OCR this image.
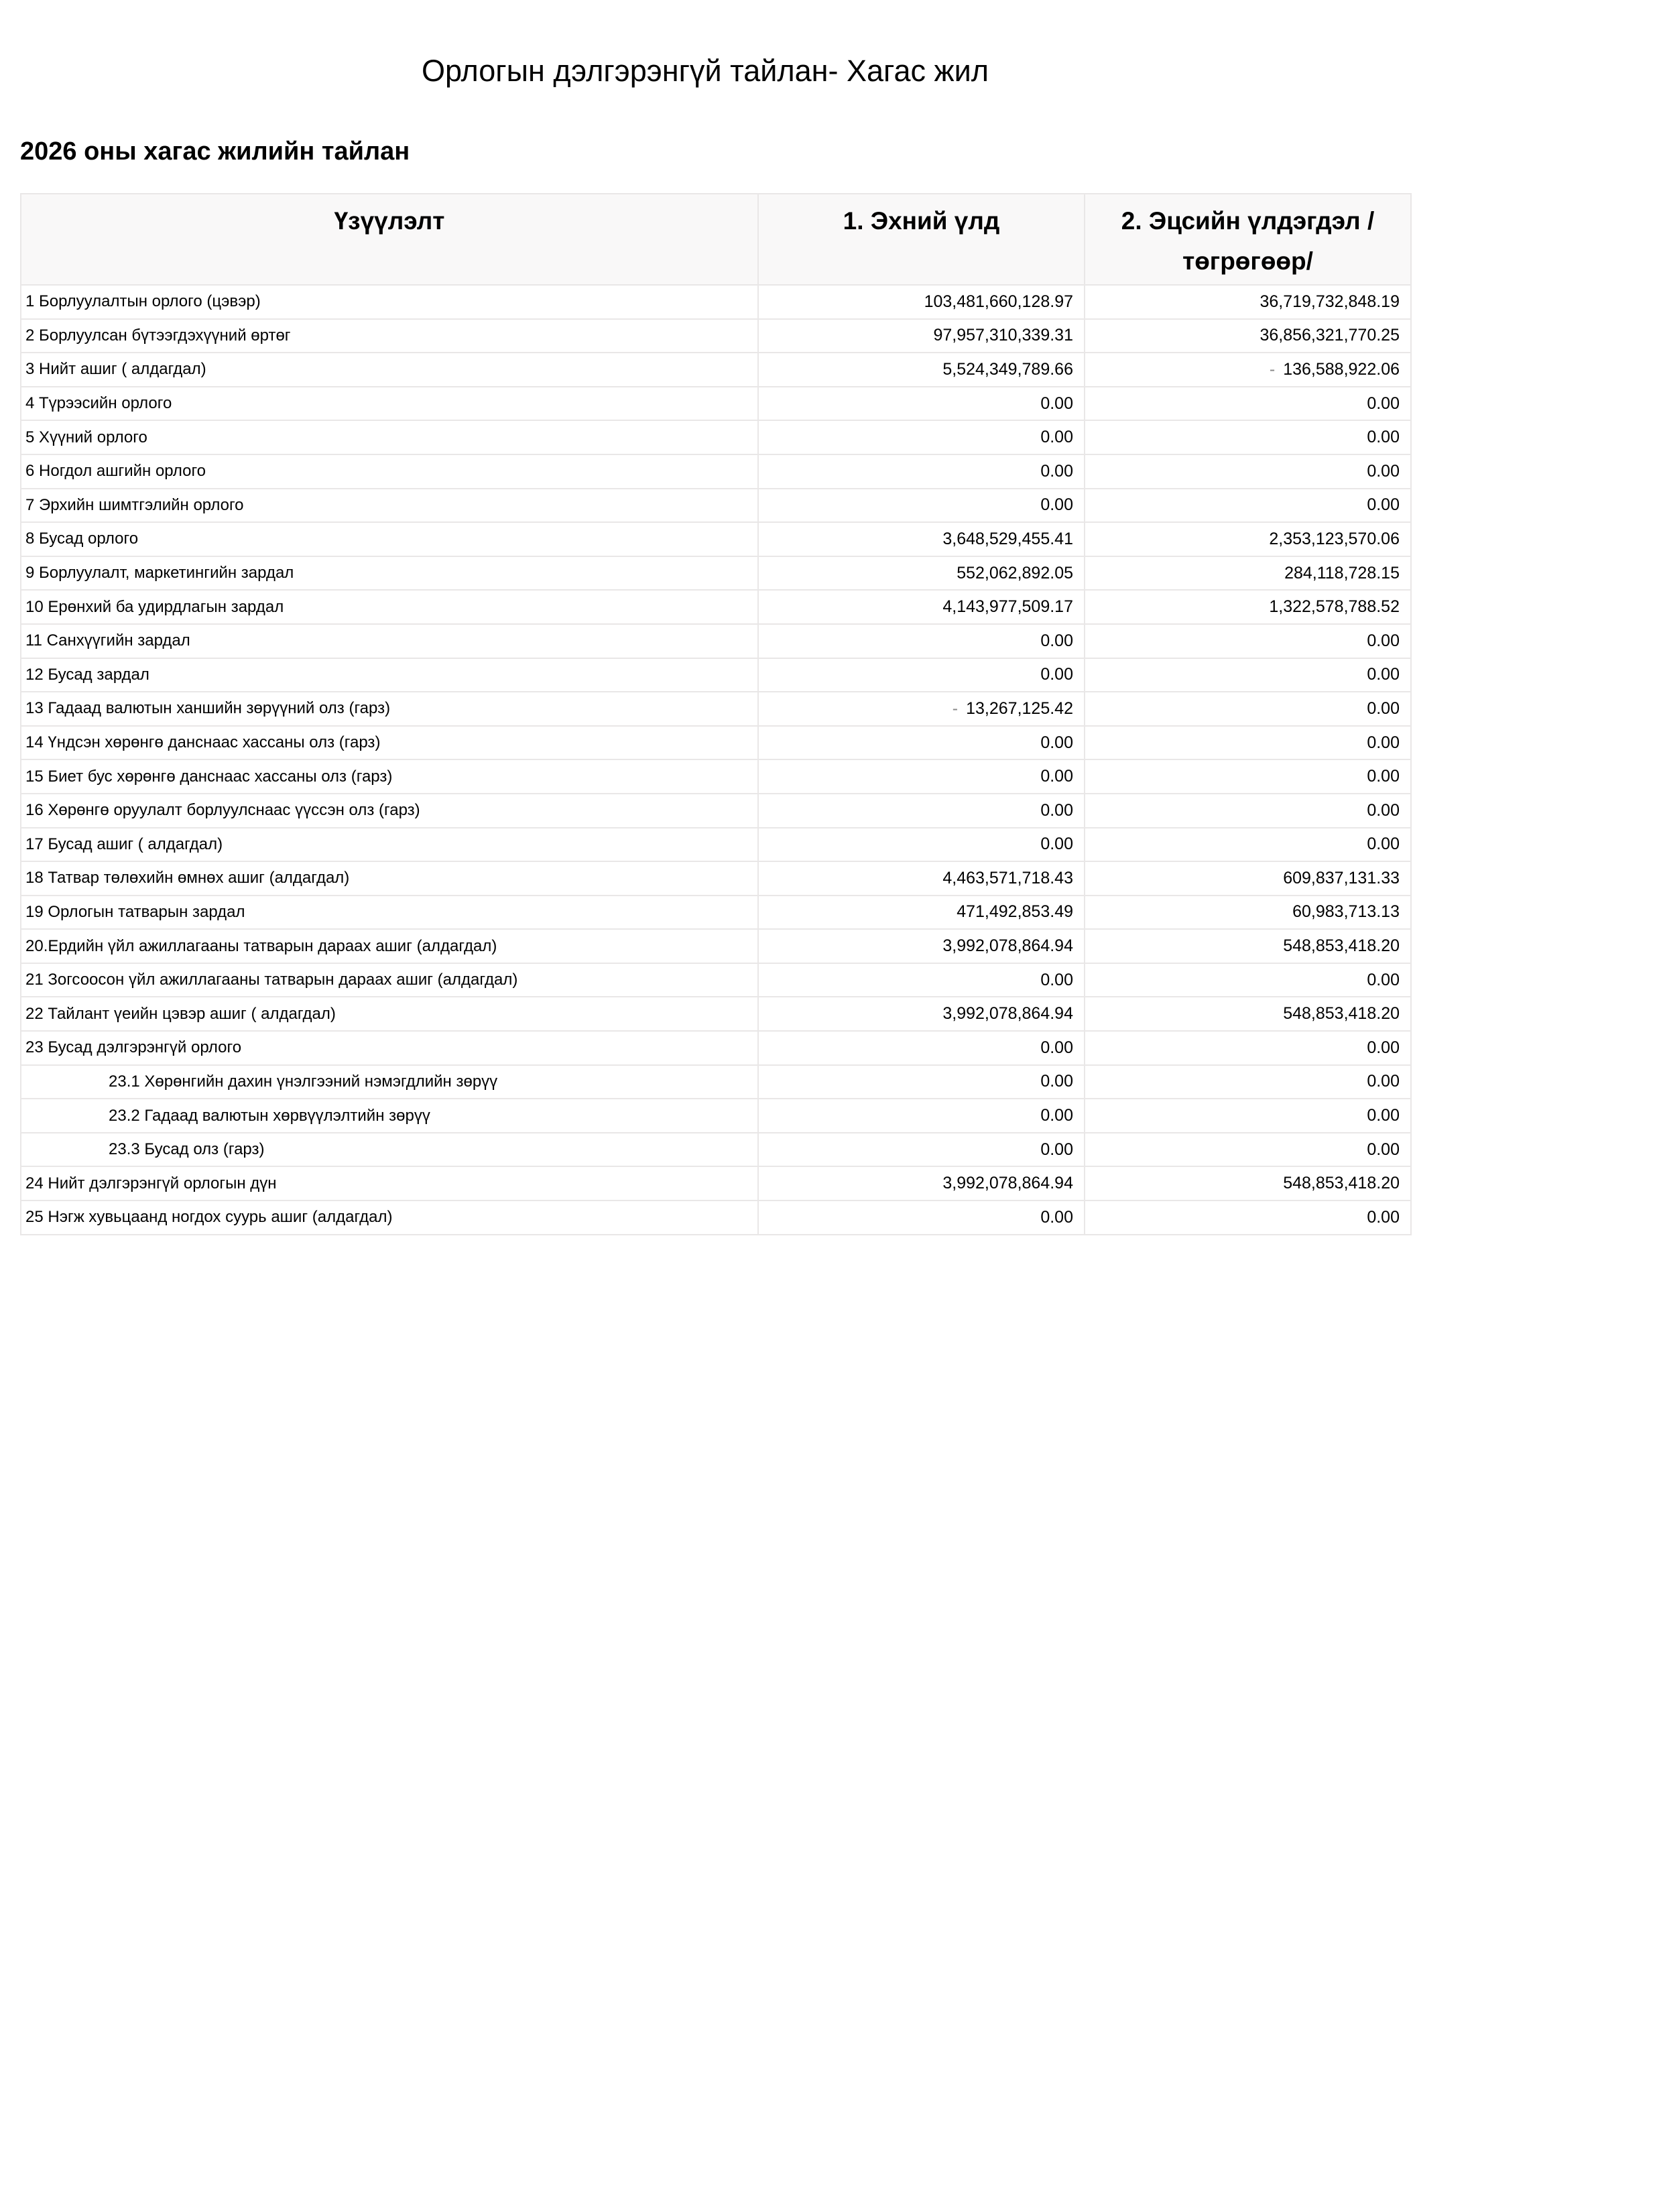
Орлогын дэлгэрэнгүй тайлан- Хагас жил
2026 оны хагас жилийн тайлан
Үзүүлэлт	1. Эхний үлд	2. Эцсийн үлдэгдэл / төгрөгөөр/
1 Борлуулалтын орлого (цэвэр)	103,481,660,128.97	36,719,732,848.19
2 Борлуулсан бүтээгдэхүүний өртөг	97,957,310,339.31	36,856,321,770.25
3 Нийт ашиг ( алдагдал)	5,524,349,789.66	- 136,588,922.06
4 Түрээсийн орлого	0.00	0.00
5 Хүүний орлого	0.00	0.00
6 Ногдол ашгийн орлого	0.00	0.00
7 Эрхийн шимтгэлийн орлого	0.00	0.00
8 Бусад орлого	3,648,529,455.41	2,353,123,570.06
9 Борлуулалт, маркетингийн зардал	552,062,892.05	284,118,728.15
10 Ерөнхий ба удирдлагын зардал	4,143,977,509.17	1,322,578,788.52
11 Санхүүгийн зардал	0.00	0.00
12 Бусад зардал	0.00	0.00
13 Гадаад валютын ханшийн зөрүүний олз (гарз)	- 13,267,125.42	0.00
14 Үндсэн хөрөнгө данснаас хассаны олз (гарз)	0.00	0.00
15 Биет бус хөрөнгө данснаас хассаны олз (гарз)	0.00	0.00
16 Хөрөнгө оруулалт борлуулснаас үүссэн олз (гарз)	0.00	0.00
17 Бусад ашиг ( алдагдал)	0.00	0.00
18 Татвар төлөхийн өмнөх ашиг (алдагдал)	4,463,571,718.43	609,837,131.33
19 Орлогын татварын зардал	471,492,853.49	60,983,713.13
20.Ердийн үйл ажиллагааны татварын дараах ашиг (алдагдал)	3,992,078,864.94	548,853,418.20
21 Зогсоосон үйл ажиллагааны татварын дараах ашиг (алдагдал)	0.00	0.00
22 Тайлант үеийн цэвэр ашиг ( алдагдал)	3,992,078,864.94	548,853,418.20
23 Бусад дэлгэрэнгүй орлого	0.00	0.00
23.1 Хөрөнгийн дахин үнэлгээний нэмэгдлийн зөрүү	0.00	0.00
23.2 Гадаад валютын хөрвүүлэлтийн зөрүү	0.00	0.00
23.3 Бусад олз (гарз)	0.00	0.00
24 Нийт дэлгэрэнгүй орлогын дүн	3,992,078,864.94	548,853,418.20
25 Нэгж хувьцаанд ногдох суурь ашиг (алдагдал)	0.00	0.00
